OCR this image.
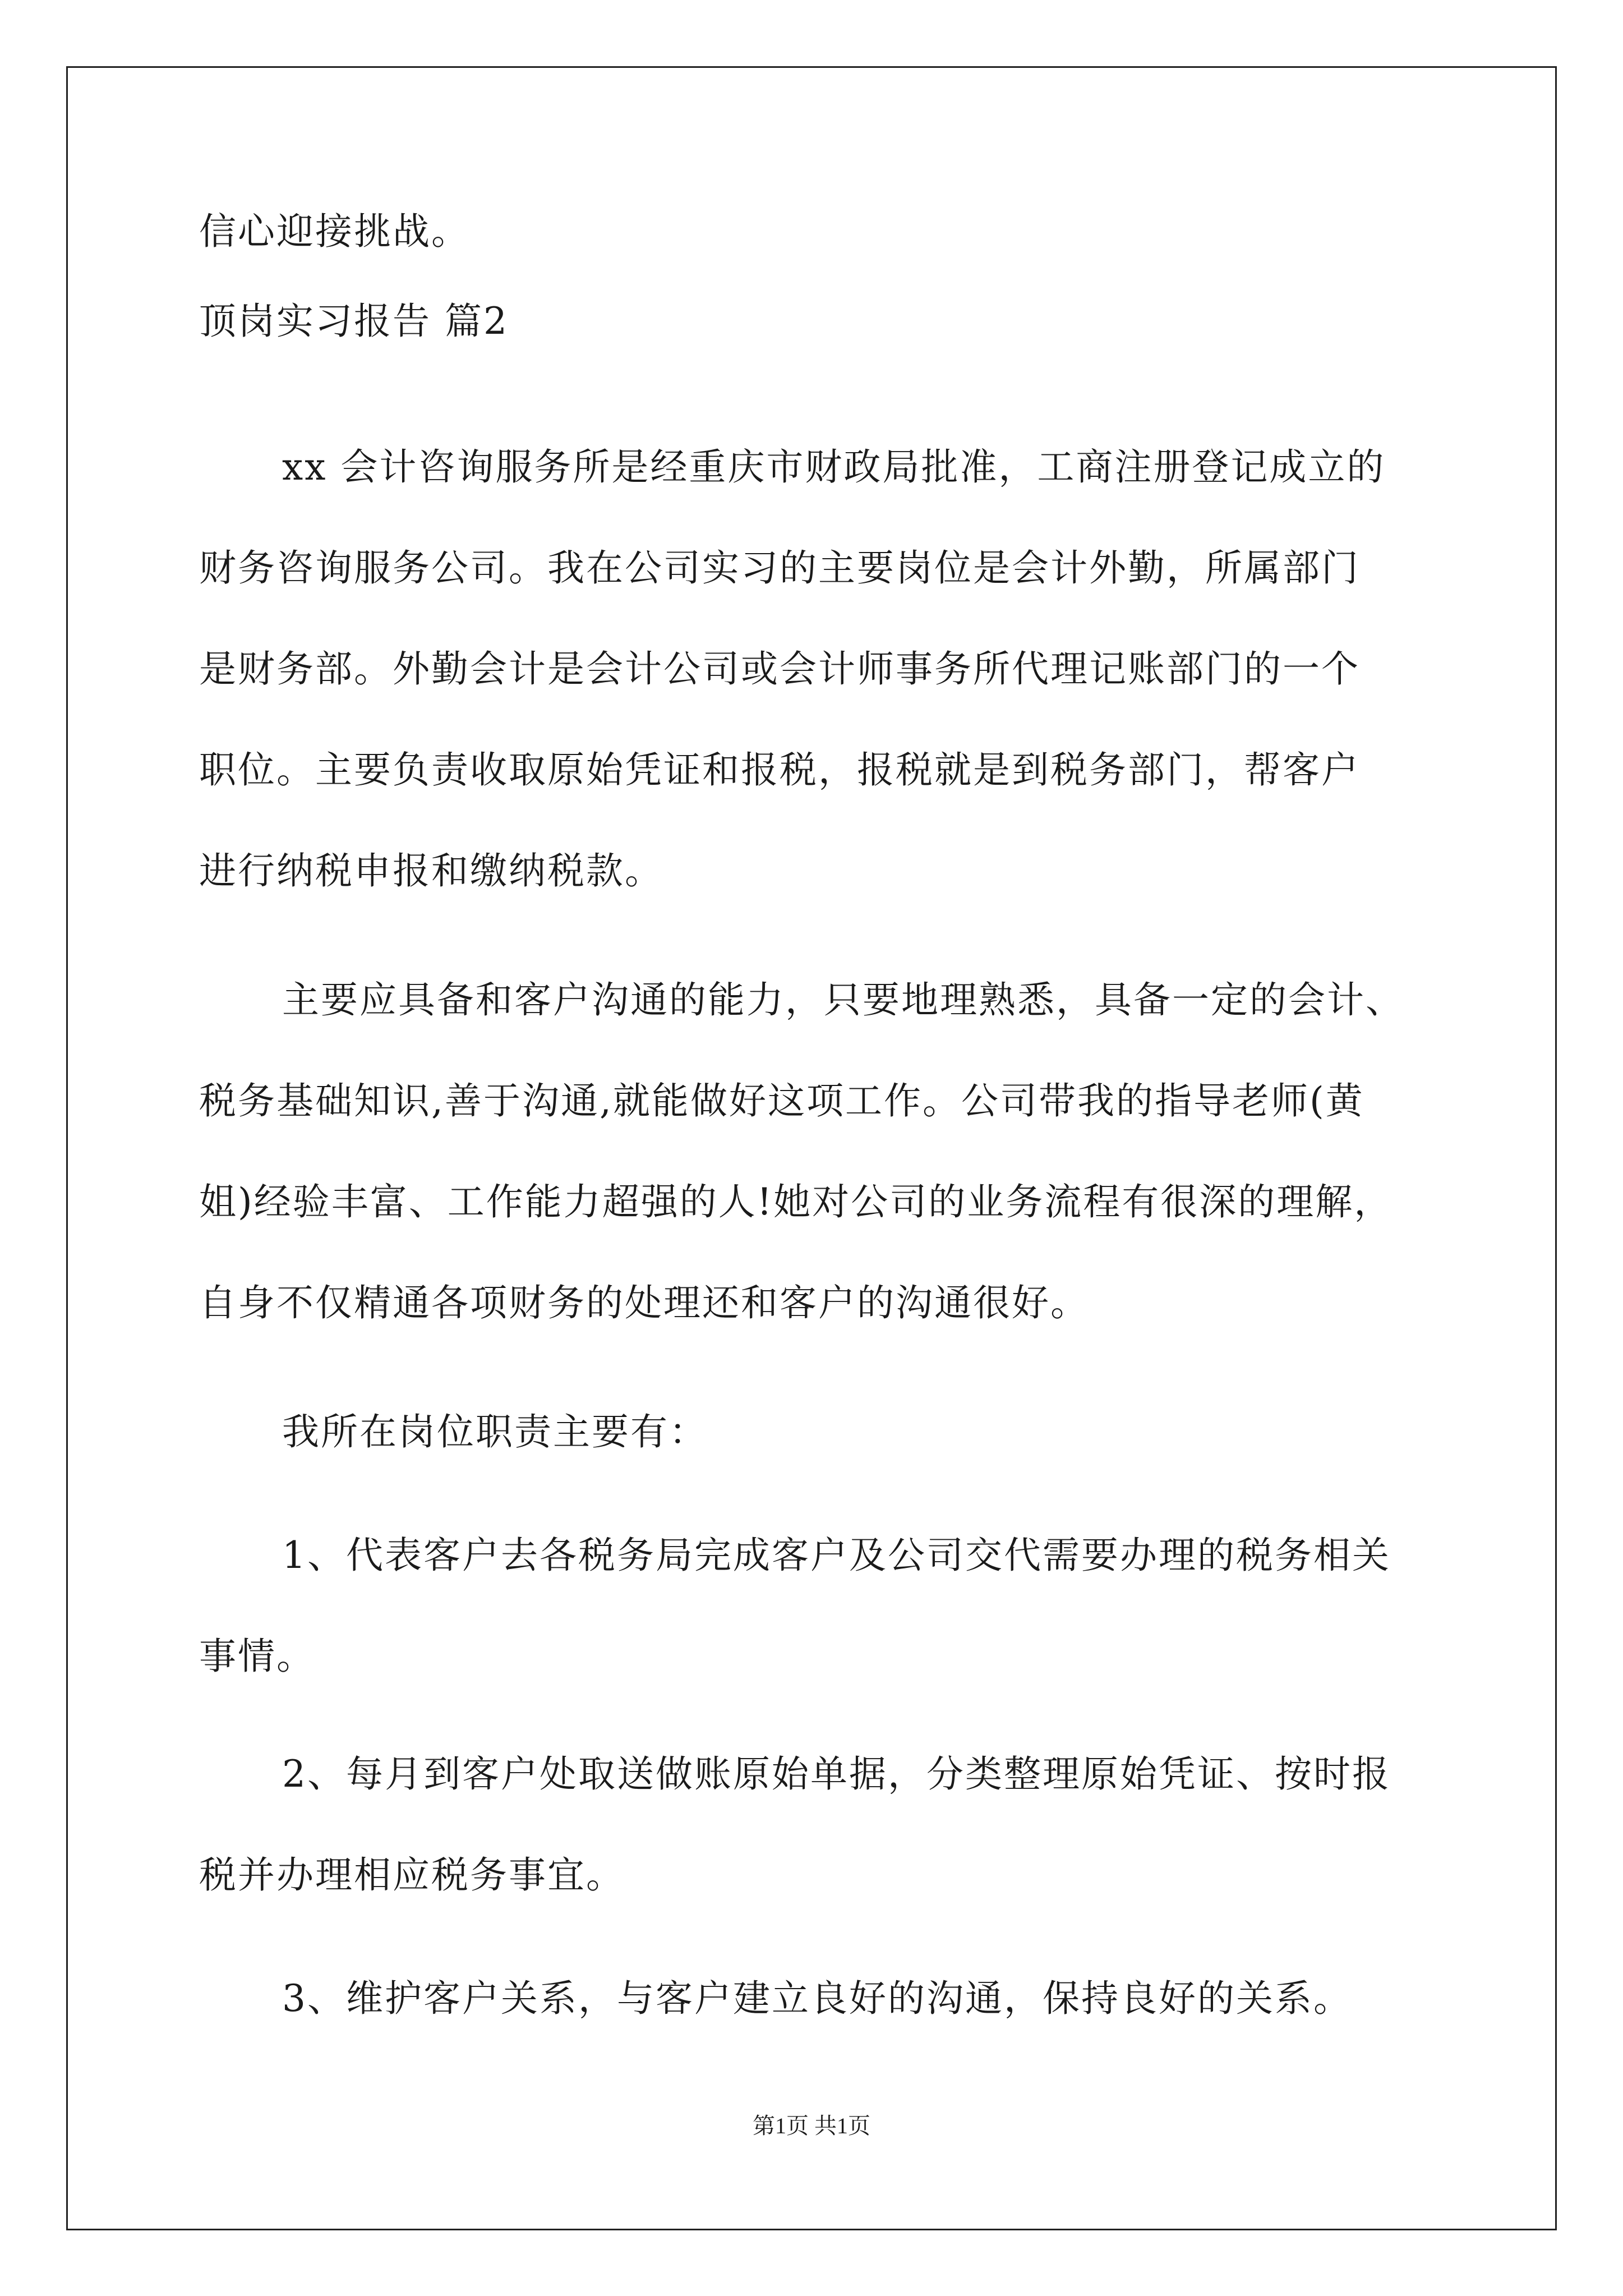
信心迎接挑战。
顶岗实习报告 篇2
xx 会计咨询服务所是经重庆市财政局批准，工商注册登记成立的
财务咨询服务公司。我在公司实习的主要岗位是会计外勤，所属部门
是财务部。外勤会计是会计公司或会计师事务所代理记账部门的一个
职位。主要负责收取原始凭证和报税，报税就是到税务部门，帮客户
进行纳税申报和缴纳税款。
主要应具备和客户沟通的能力，只要地理熟悉，具备一定的会计、
税务基础知识,善于沟通,就能做好这项工作。公司带我的指导老师(黄
姐)经验丰富、工作能力超强的人!她对公司的业务流程有很深的理解，
自身不仅精通各项财务的处理还和客户的沟通很好。
我所在岗位职责主要有：
1、代表客户去各税务局完成客户及公司交代需要办理的税务相关
事情。
2、每月到客户处取送做账原始单据，分类整理原始凭证、按时报
税并办理相应税务事宜。
3、维护客户关系，与客户建立良好的沟通，保持良好的关系。
第1页 共1页
